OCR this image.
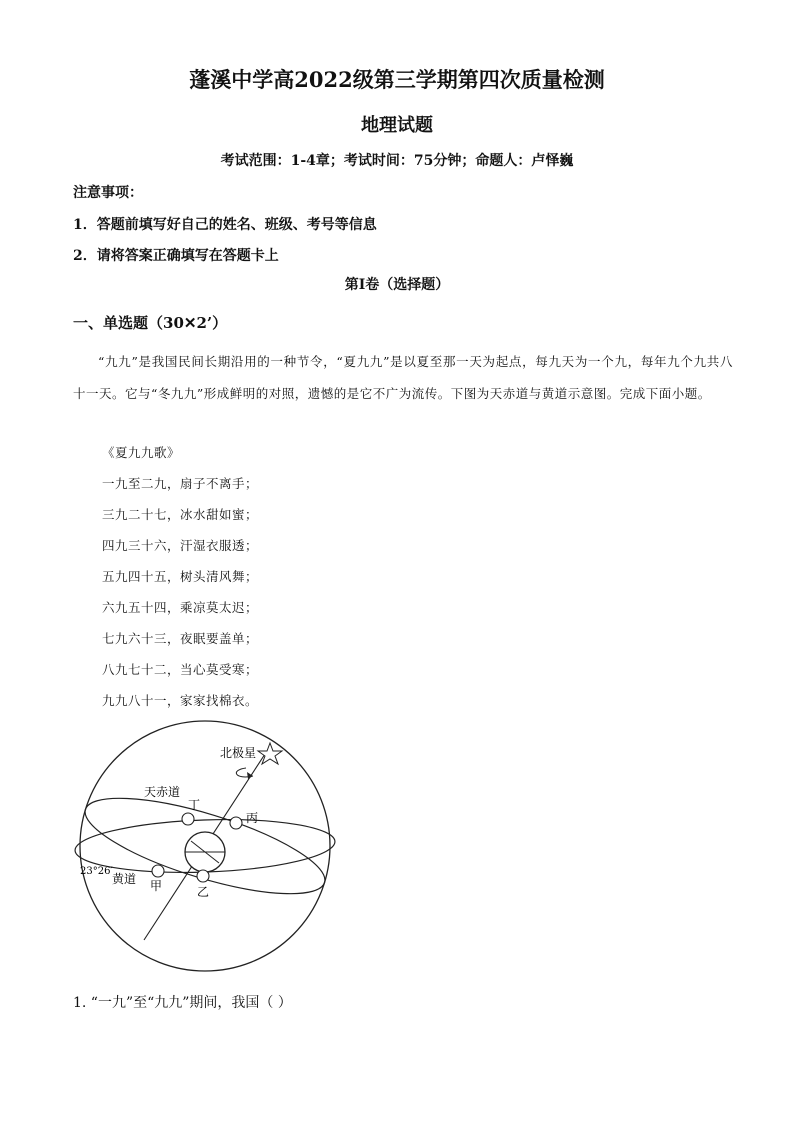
蓬溪中学高2022级第三学期第四次质量检测
地理试题
考试范围：1-4章；考试时间：75分钟；命题人：卢怿巍
注意事项：
1．答题前填写好自己的姓名、班级、考号等信息
2．请将答案正确填写在答题卡上
第I卷（选择题）
一、单选题（30✕2’）
“九九”是我国民间长期沿用的一种节令，“夏九九”是以夏至那一天为起点，每九天为一个九，每年九个九共八十一天。它与“冬九九”形成鲜明的对照，遗憾的是它不广为流传。下图为天赤道与黄道示意图。完成下面小题。
《夏九九歌》
一九至二九，扇子不离手；
三九二十七，冰水甜如蜜；
四九三十六，汗湿衣服透；
五九四十五，树头清风舞；
六九五十四，乘凉莫太迟；
七九六十三，夜眠要盖单；
八九七十二，当心莫受寒；
九九八十一，家家找棉衣。
北极星
天赤道
丁
丙
23°26′
黄道 甲	乙
1. “一九”至“九九”期间，我国（ ）
